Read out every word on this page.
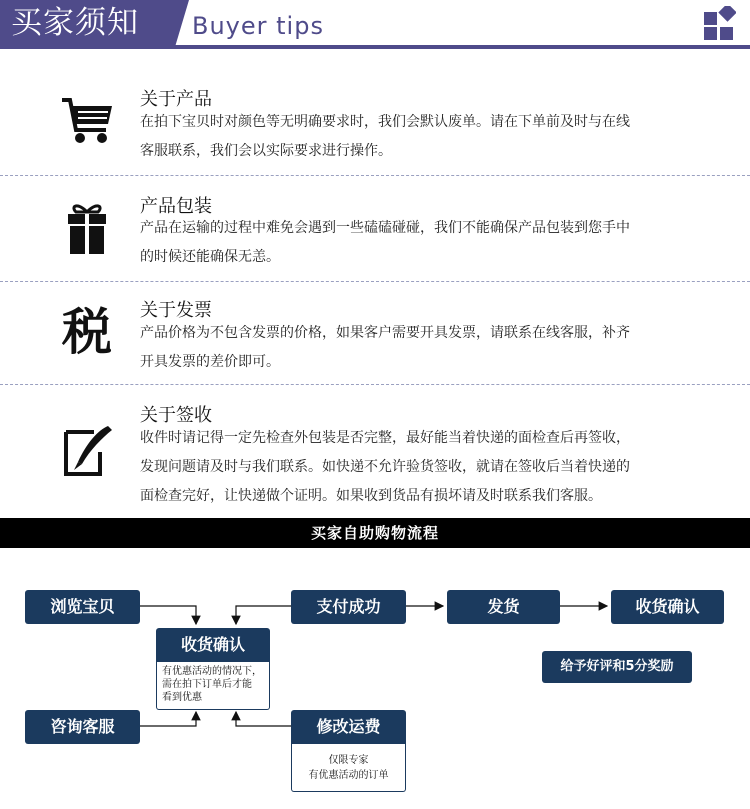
买家须知	Buyer tips
关于产品
在拍下宝贝时对颜色等无明确要求时，我们会默认废单。请在下单前及时与在线
客服联系，我们会以实际要求进行操作。
产品包装
产品在运输的过程中难免会遇到一些磕磕碰碰，我们不能确保产品包装到您手中
的时候还能确保无恙。
税 关于发票
产品价格为不包含发票的价格，如果客户需要开具发票，请联系在线客服，补齐
开具发票的差价即可。
关于签收
收件时请记得一定先检查外包装是否完整，最好能当着快递的面检查后再签收，
发现问题请及时与我们联系。如快递不允许验货签收，就请在签收后当着快递的
面检查完好，让快递做个证明。如果收到货品有损坏请及时联系我们客服。
买家自助购物流程
浏览宝贝
收货确认
有优惠活动的情况下，
需在拍下订单后才能
看到优惠
支付成功	发货	收货确认
给予好评和5分奖励
咨询客服	修改运费
仅限专家
有优惠活动的订单
